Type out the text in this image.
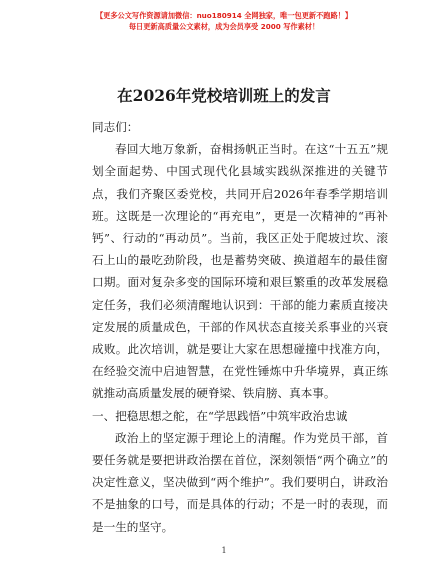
【更多公文写作资源请加微信：nuo180914 全网独家，唯一包更新不跑路！】
每日更新高质量公文素材，成为会员享受 2000 写作素材！
在2026年党校培训班上的发言

同志们：

春回大地万象新，奋楫扬帆正当时。在这“十五五”规划全面起势、中国式现代化县域实践纵深推进的关键节点，我们齐聚区委党校，共同开启2026年春季学期培训班。这既是一次理论的“再充电”，更是一次精神的“再补钙”、行动的“再动员”。当前，我区正处于爬坡过坎、滚石上山的最吃劲阶段，也是蓄势突破、换道超车的最佳窗口期。面对复杂多变的国际环境和艰巨繁重的改革发展稳定任务，我们必须清醒地认识到：干部的能力素质直接决定发展的质量成色，干部的作风状态直接关系事业的兴衰成败。此次培训，就是要让大家在思想碰撞中找准方向，在经验交流中启迪智慧，在党性锤炼中升华境界，真正练就推动高质量发展的硬脊梁、铁肩膀、真本事。

一、把稳思想之舵，在“学思践悟”中筑牢政治忠诚

政治上的坚定源于理论上的清醒。作为党员干部，首要任务就是要把讲政治摆在首位，深刻领悟“两个确立”的决定性意义，坚决做到“两个维护”。我们要明白，讲政治不是抽象的口号，而是具体的行动；不是一时的表现，而是一生的坚守。

1
